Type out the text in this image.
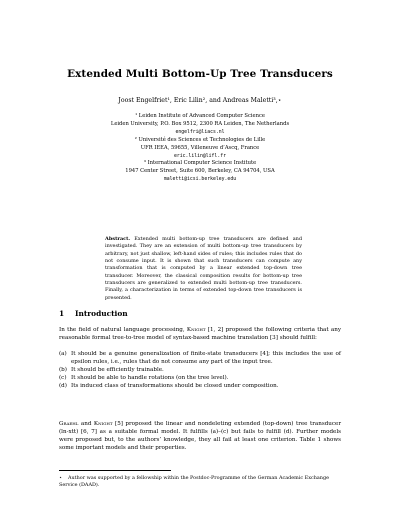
Extended Multi Bottom-Up Tree Transducers
Joost Engelfriet¹, Eric Lilin², and Andreas Maletti³,⋆
¹ Leiden Institute of Advanced Computer Science
Leiden University, P.O. Box 9512, 2300 RA Leiden, The Netherlands
engelfri@liacs.nl
² Université des Sciences et Technologies de Lille
UFR IEEA, 59655, Villeneuve d’Ascq, France
eric.lilin@lifl.fr
³ International Computer Science Institute
1947 Center Street, Suite 600, Berkeley, CA 94704, USA
maletti@icsi.berkeley.edu
Abstract. Extended multi bottom-up tree transducers are defined and investigated. They are an extension of multi bottom-up tree transducers by arbitrary, not just shallow, left-hand sides of rules; this includes rules that do not consume input. It is shown that such transducers can compute any transformation that is computed by a linear extended top-down tree transducer. Moreover, the classical composition results for bottom-up tree transducers are generalized to extended multi bottom-up tree transducers. Finally, a characterization in terms of extended top-down tree transducers is presented.
1 Introduction
In the field of natural language processing, Knight [1, 2] proposed the following criteria that any reasonable formal tree-to-tree model of syntax-based machine translation [3] should fulfill:
(a) It should be a genuine generalization of finite-state transducers [4]; this includes the use of epsilon rules, i.e., rules that do not consume any part of the input tree.
(b) It should be efficiently trainable.
(c) It should be able to handle rotations (on the tree level).
(d) Its induced class of transformations should be closed under composition.
Graehl and Knight [5] proposed the linear and nondeleting extended (top-down) tree transducer (ln-xtt) [6, 7] as a suitable formal model. It fulfills (a)–(c) but fails to fulfill (d). Further models were proposed but, to the authors’ knowledge, they all fail at least one criterion. Table 1 shows some important models and their properties.
⋆ Author was supported by a fellowship within the Postdoc-Programme of the German Academic Exchange Service (DAAD).
